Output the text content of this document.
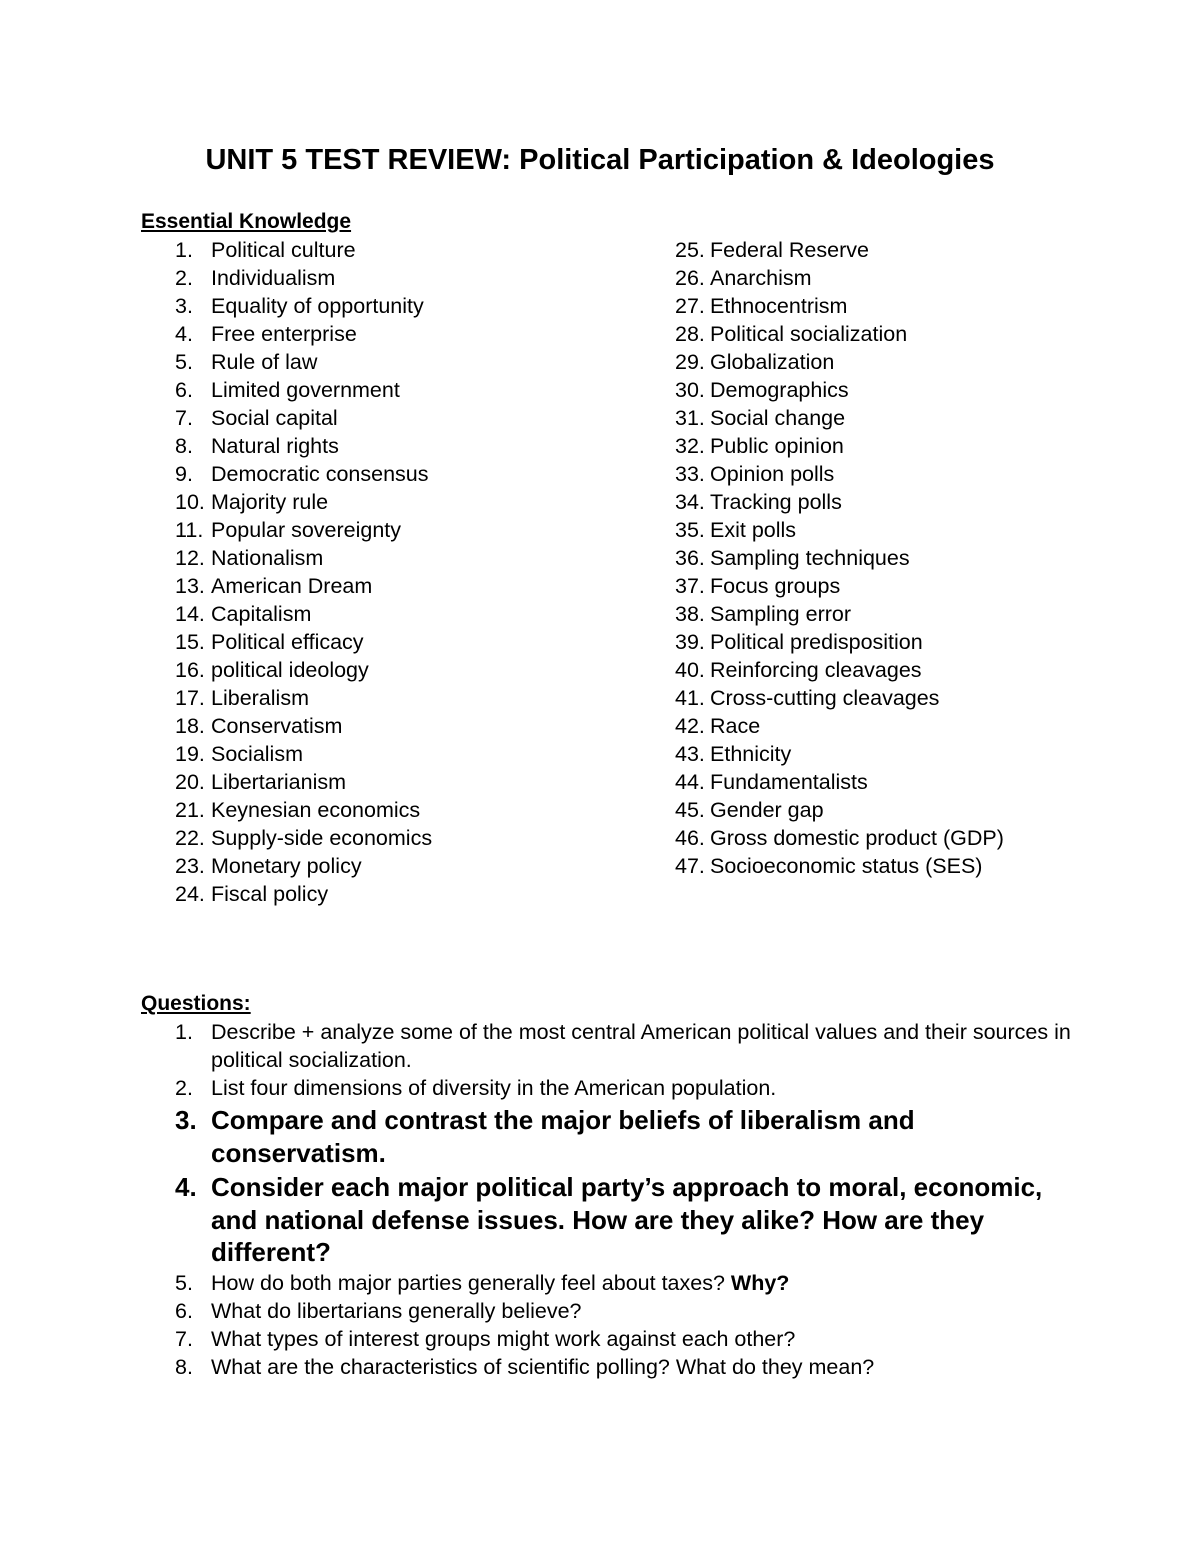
UNIT 5 TEST REVIEW: Political Participation & Ideologies
Essential Knowledge
1. Political culture
2. Individualism
3. Equality of opportunity
4. Free enterprise
5. Rule of law
6. Limited government
7. Social capital
8. Natural rights
9. Democratic consensus
10. Majority rule
11. Popular sovereignty
12. Nationalism
13. American Dream
14. Capitalism
15. Political efficacy
16. political ideology
17. Liberalism
18. Conservatism
19. Socialism
20. Libertarianism
21. Keynesian economics
22. Supply-side economics
23. Monetary policy
24. Fiscal policy
25. Federal Reserve
26. Anarchism
27. Ethnocentrism
28. Political socialization
29. Globalization
30. Demographics
31. Social change
32. Public opinion
33. Opinion polls
34. Tracking polls
35. Exit polls
36. Sampling techniques
37. Focus groups
38. Sampling error
39. Political predisposition
40. Reinforcing cleavages
41. Cross-cutting cleavages
42. Race
43. Ethnicity
44. Fundamentalists
45. Gender gap
46. Gross domestic product (GDP)
47. Socioeconomic status (SES)
Questions:
1. Describe + analyze some of the most central American political values and their sources in political socialization.
2. List four dimensions of diversity in the American population.
3. Compare and contrast the major beliefs of liberalism and conservatism.
4. Consider each major political party’s approach to moral, economic, and national defense issues. How are they alike? How are they different?
5. How do both major parties generally feel about taxes? Why?
6. What do libertarians generally believe?
7. What types of interest groups might work against each other?
8. What are the characteristics of scientific polling? What do they mean?
